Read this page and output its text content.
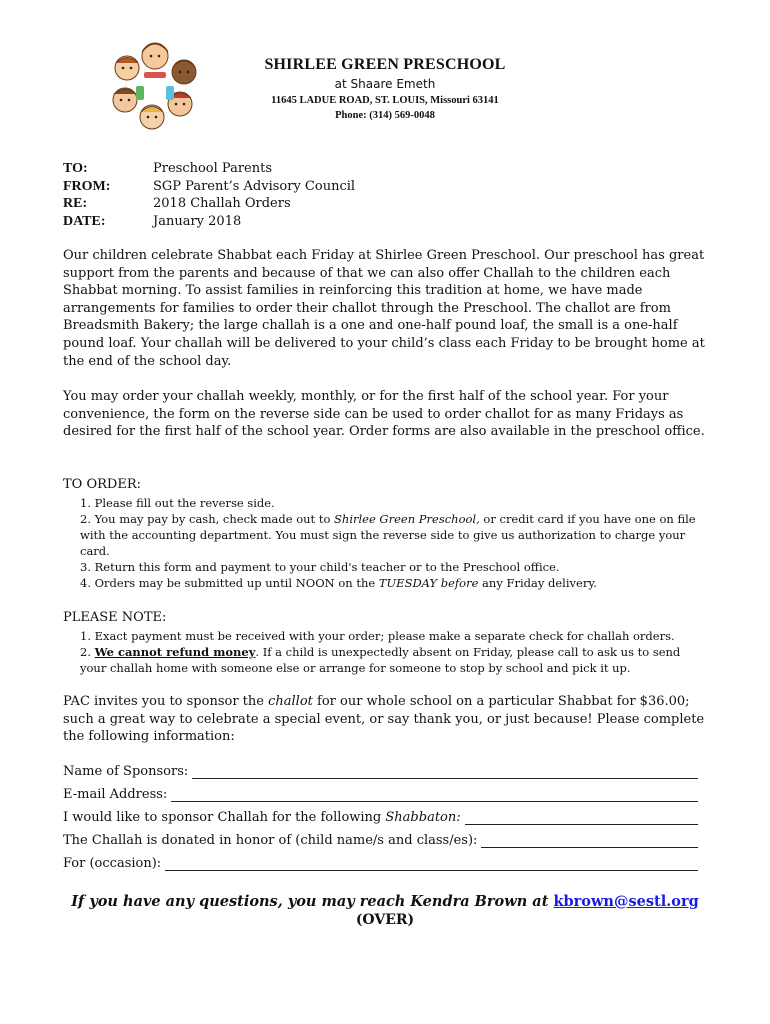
SHIRLEE GREEN PRESCHOOL
at Shaare Emeth
11645 LADUE ROAD, ST. LOUIS, Missouri 63141
Phone: (314) 569-0048
TO:	Preschool Parents
FROM:	SGP Parent’s Advisory Council
RE:	2018 Challah Orders
DATE:	January 2018
Our children celebrate Shabbat each Friday at Shirlee Green Preschool. Our preschool has great support from the parents and because of that we can also offer Challah to the children each Shabbat morning. To assist families in reinforcing this tradition at home, we have made arrangements for families to order their challot through the Preschool. The challot are from Breadsmith Bakery; the large challah is a one and one-half pound loaf, the small is a one-half pound loaf. Your challah will be delivered to your child’s class each Friday to be brought home at the end of the school day.
You may order your challah weekly, monthly, or for the first half of the school year. For your convenience, the form on the reverse side can be used to order challot for as many Fridays as desired for the first half of the school year. Order forms are also available in the preschool office.
TO ORDER:
1. Please fill out the reverse side.
2. You may pay by cash, check made out to Shirlee Green Preschool, or credit card if you have one on file with the accounting department. You must sign the reverse side to give us authorization to charge your card.
3. Return this form and payment to your child's teacher or to the Preschool office.
4. Orders may be submitted up until NOON on the TUESDAY before any Friday delivery.
PLEASE NOTE:
1. Exact payment must be received with your order; please make a separate check for challah orders.
2. We cannot refund money. If a child is unexpectedly absent on Friday, please call to ask us to send your challah home with someone else or arrange for someone to stop by school and pick it up.
PAC invites you to sponsor the challot for our whole school on a particular Shabbat for $36.00; such a great way to celebrate a special event, or say thank you, or just because! Please complete the following information:
Name of Sponsors:
E-mail Address:
I would like to sponsor Challah for the following Shabbaton:
The Challah is donated in honor of (child name/s and class/es):
For (occasion):
If you have any questions, you may reach Kendra Brown at kbrown@sestl.org
(OVER)
